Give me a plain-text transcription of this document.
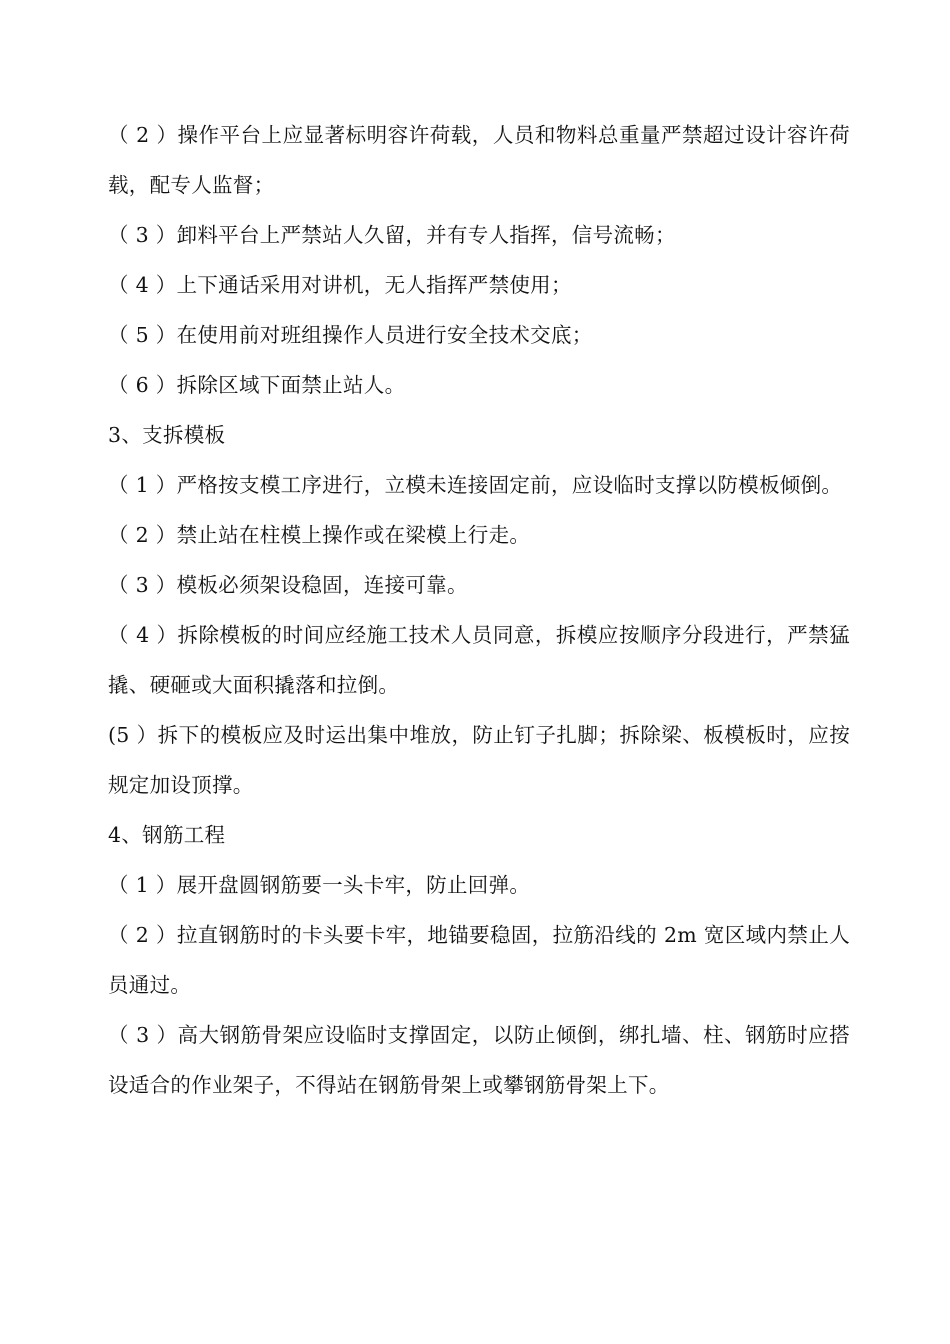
（ 2 ）操作平台上应显著标明容许荷载，人员和物料总重量严禁超过设计容许荷载，配专人监督；

（ 3 ）卸料平台上严禁站人久留，并有专人指挥，信号流畅；

（ 4 ）上下通话采用对讲机，无人指挥严禁使用；

（ 5 ）在使用前对班组操作人员进行安全技术交底；

（ 6 ）拆除区域下面禁止站人。

3、支拆模板

（ 1 ）严格按支模工序进行，立模未连接固定前，应设临时支撑以防模板倾倒。

（ 2 ）禁止站在柱模上操作或在梁模上行走。

（ 3 ）模板必须架设稳固，连接可靠。

（ 4 ）拆除模板的时间应经施工技术人员同意，拆模应按顺序分段进行，严禁猛撬、硬砸或大面积撬落和拉倒。

(5 ）拆下的模板应及时运出集中堆放，防止钉子扎脚；拆除梁、板模板时，应按规定加设顶撑。

4、钢筋工程

（ 1 ）展开盘圆钢筋要一头卡牢，防止回弹。

（ 2 ）拉直钢筋时的卡头要卡牢，地锚要稳固，拉筋沿线的 2m 宽区域内禁止人员通过。

（ 3 ）高大钢筋骨架应设临时支撑固定，以防止倾倒，绑扎墙、柱、钢筋时应搭设适合的作业架子，不得站在钢筋骨架上或攀钢筋骨架上下。
